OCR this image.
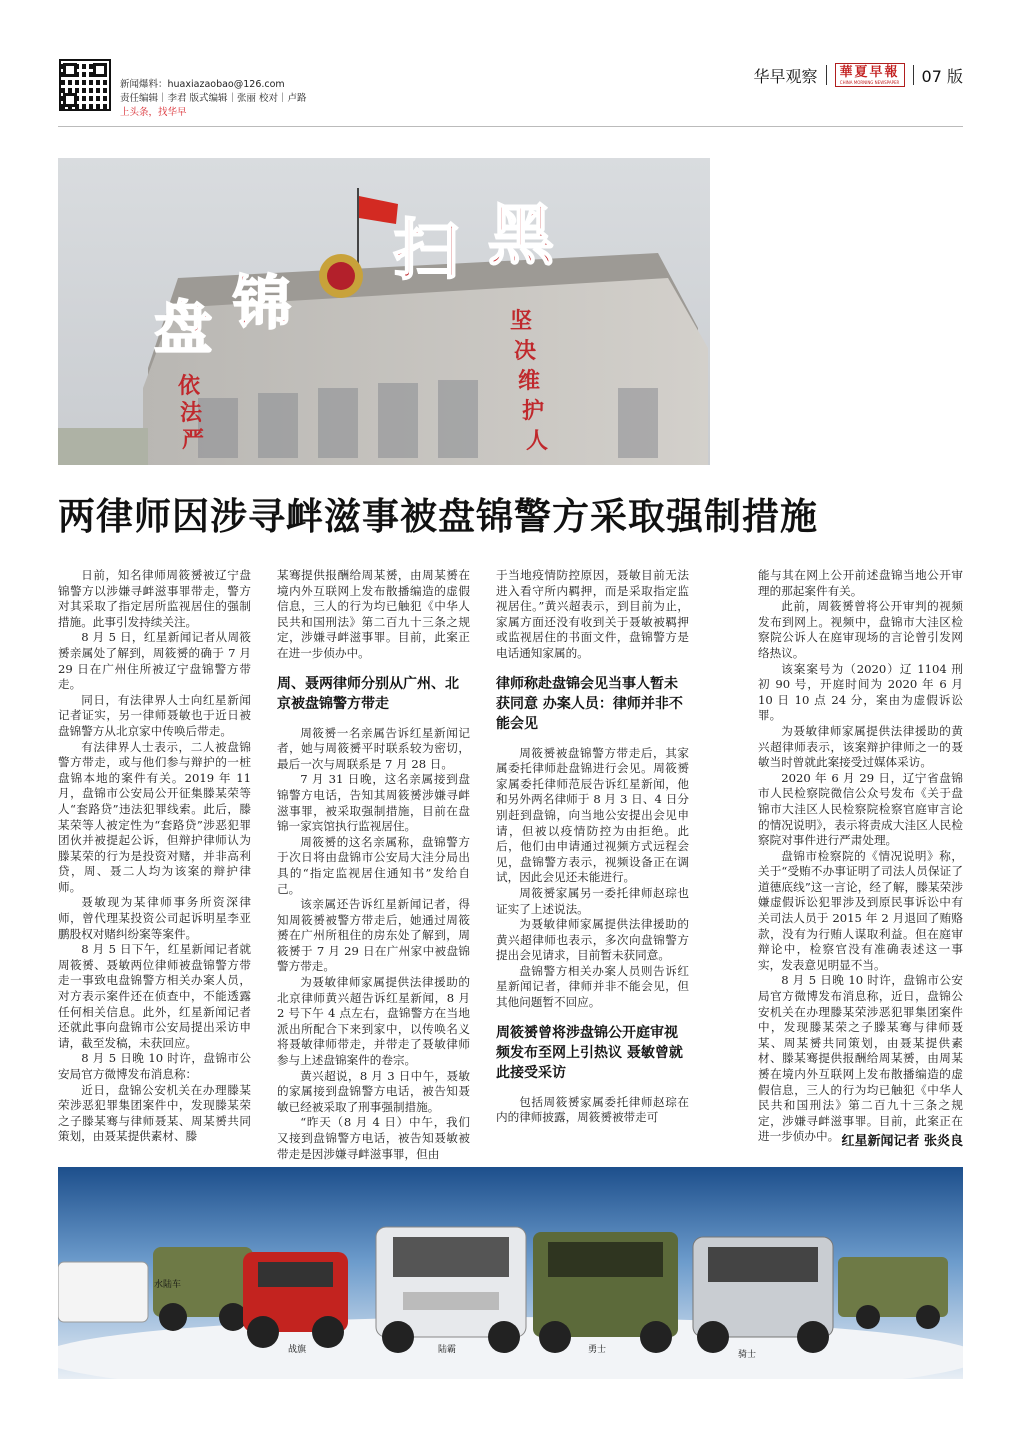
新闻爆料：huaxiazaobao@126.com
责任编辑｜李君 版式编辑｜张丽 校对｜卢路
上头条，找华早
华早观察 華夏早報
CHINA MORNING NEWSPAPER 07 版
盘 锦
扫 黑
依
法
严
坚
决
维
护
人
两律师因涉寻衅滋事被盘锦警方采取强制措施

日前，知名律师周筱赟被辽宁盘锦警方以涉嫌寻衅滋事罪带走，警方对其采取了指定居所监视居住的强制措施。此事引发持续关注。

8 月 5 日，红星新闻记者从周筱赟亲属处了解到，周筱赟的确于 7 月 29 日在广州住所被辽宁盘锦警方带走。

同日，有法律界人士向红星新闻记者证实，另一律师聂敏也于近日被盘锦警方从北京家中传唤后带走。

有法律界人士表示，二人被盘锦警方带走，或与他们参与辩护的一桩盘锦本地的案件有关。2019 年 11 月，盘锦市公安局公开征集滕某荣等人“套路贷”违法犯罪线索。此后，滕某荣等人被定性为“套路贷”涉恶犯罪团伙并被提起公诉，但辩护律师认为滕某荣的行为是投资对赌，并非高利贷，周、聂二人均为该案的辩护律师。

聂敏现为某律师事务所资深律师，曾代理某投资公司起诉明星李亚鹏股权对赌纠纷案等案件。

8 月 5 日下午，红星新闻记者就周筱赟、聂敏两位律师被盘锦警方带走一事致电盘锦警方相关办案人员，对方表示案件还在侦查中，不能透露任何相关信息。此外，红星新闻记者还就此事向盘锦市公安局提出采访申请，截至发稿，未获回应。

8 月 5 日晚 10 时许，盘锦市公安局官方微博发布消息称：

近日，盘锦公安机关在办理滕某荣涉恶犯罪集团案件中，发现滕某荣之子滕某骞与律师聂某、周某赟共同策划，由聂某提供素材、滕

某骞提供报酬给周某赟，由周某赟在境内外互联网上发布散播编造的虚假信息，三人的行为均已触犯《中华人民共和国刑法》第二百九十三条之规定，涉嫌寻衅滋事罪。目前，此案正在进一步侦办中。

周、聂两律师分别从广州、北京被盘锦警方带走

周筱赟一名亲属告诉红星新闻记者，她与周筱赟平时联系较为密切，最后一次与周联系是 7 月 28 日。

7 月 31 日晚，这名亲属接到盘锦警方电话，告知其周筱赟涉嫌寻衅滋事罪，被采取强制措施，目前在盘锦一家宾馆执行监视居住。

周筱赟的这名亲属称，盘锦警方于次日将由盘锦市公安局大洼分局出具的“指定监视居住通知书”发给自己。

该亲属还告诉红星新闻记者，得知周筱赟被警方带走后，她通过周筱赟在广州所租住的房东处了解到，周筱赟于 7 月 29 日在广州家中被盘锦警方带走。

为聂敏律师家属提供法律援助的北京律师黄兴超告诉红星新闻，8 月 2 号下午 4 点左右，盘锦警方在当地派出所配合下来到家中，以传唤名义将聂敏律师带走，并带走了聂敏律师参与上述盘锦案件的卷宗。

黄兴超说，8 月 3 日中午，聂敏的家属接到盘锦警方电话，被告知聂敏已经被采取了刑事强制措施。

“昨天（8 月 4 日）中午，我们又接到盘锦警方电话，被告知聂敏被带走是因涉嫌寻衅滋事罪，但由

于当地疫情防控原因，聂敏目前无法进入看守所内羁押，而是采取指定监视居住。”黄兴超表示，到目前为止，家属方面还没有收到关于聂敏被羁押或监视居住的书面文件，盘锦警方是电话通知家属的。

律师称赴盘锦会见当事人暂未获同意 办案人员：律师并非不能会见

周筱赟被盘锦警方带走后，其家属委托律师赴盘锦进行会见。周筱赟家属委托律师范辰告诉红星新闻，他和另外两名律师于 8 月 3 日、4 日分别赶到盘锦，向当地公安提出会见申请，但被以疫情防控为由拒绝。此后，他们由申请通过视频方式远程会见，盘锦警方表示，视频设备正在调试，因此会见还未能进行。

周筱赟家属另一委托律师赵琮也证实了上述说法。

为聂敏律师家属提供法律援助的黄兴超律师也表示，多次向盘锦警方提出会见请求，目前暂未获同意。

盘锦警方相关办案人员则告诉红星新闻记者，律师并非不能会见，但其他问题暂不回应。

周筱赟曾将涉盘锦公开庭审视频发布至网上引热议 聂敏曾就此接受采访

包括周筱赟家属委托律师赵琮在内的律师披露，周筱赟被带走可

能与其在网上公开前述盘锦当地公开审理的那起案件有关。

此前，周筱赟曾将公开审判的视频发布到网上。视频中，盘锦市大洼区检察院公诉人在庭审现场的言论曾引发网络热议。

该案案号为（2020）辽 1104 刑初 90 号，开庭时间为 2020 年 6 月 10 日 10 点 24 分，案由为虚假诉讼罪。

为聂敏律师家属提供法律援助的黄兴超律师表示，该案辩护律师之一的聂敏当时曾就此案接受过媒体采访。

2020 年 6 月 29 日，辽宁省盘锦市人民检察院微信公众号发布《关于盘锦市大洼区人民检察院检察官庭审言论的情况说明》，表示将责成大洼区人民检察院对事件进行严肃处理。

盘锦市检察院的《情况说明》称，关于“受贿不办事证明了司法人员保证了道德底线”这一言论，经了解，滕某荣涉嫌虚假诉讼犯罪涉及到原民事诉讼中有关司法人员于 2015 年 2 月退回了贿赂款，没有为行贿人谋取利益。但在庭审辩论中，检察官没有准确表述这一事实，发表意见明显不当。

8 月 5 日晚 10 时许，盘锦市公安局官方微博发布消息称，近日，盘锦公安机关在办理滕某荣涉恶犯罪集团案件中，发现滕某荣之子滕某骞与律师聂某、周某赟共同策划，由聂某提供素材、滕某骞提供报酬给周某赟，由周某赟在境内外互联网上发布散播编造的虚假信息，三人的行为均已触犯《中华人民共和国刑法》第二百九十三条之规定，涉嫌寻衅滋事罪。目前，此案正在进一步侦办中。 红星新闻记者 张炎良
水陆车
战旗	陆霸	勇士	骑士
